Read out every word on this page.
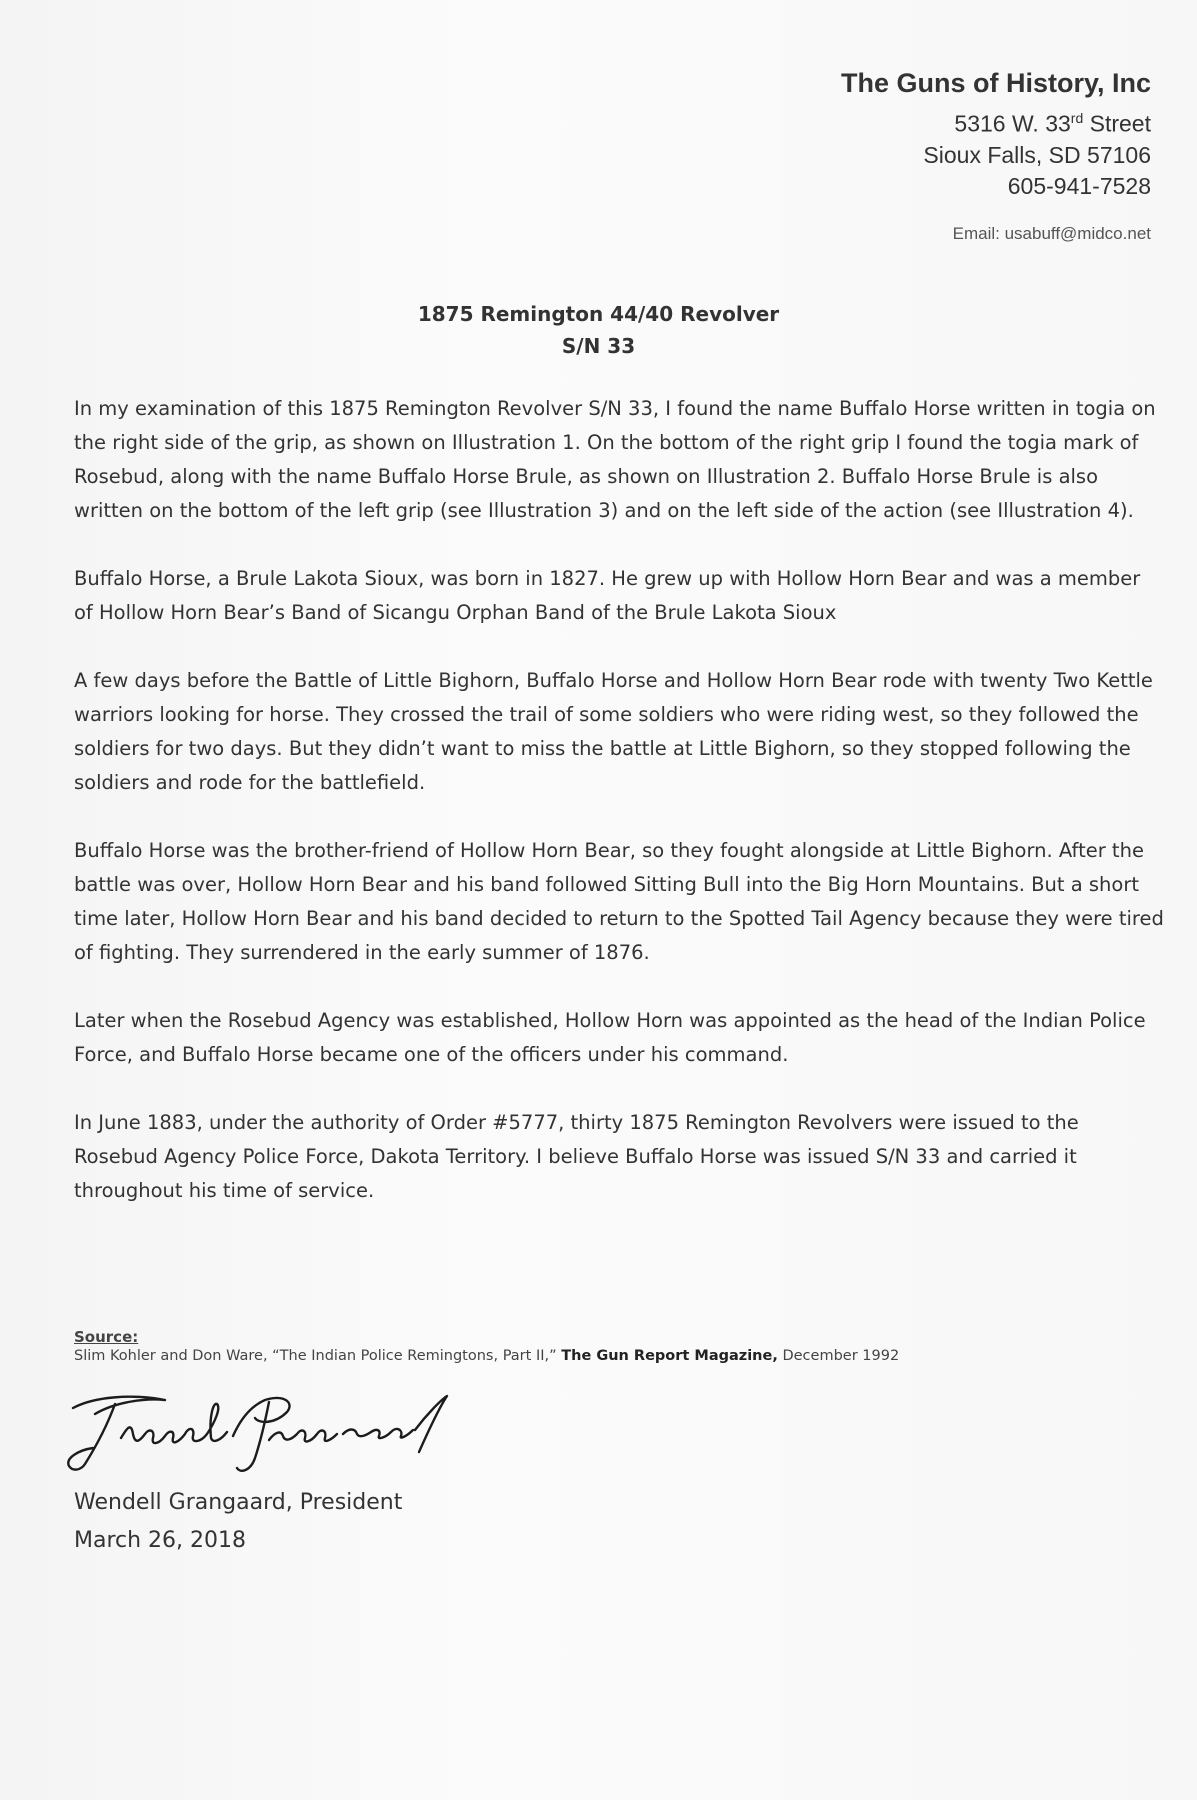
The Guns of History, Inc
5316 W. 33rd Street
Sioux Falls, SD 57106
605-941-7528
Email: usabuff@midco.net
1875 Remington 44/40 Revolver
S/N 33

In my examination of this 1875 Remington Revolver S/N 33, I found the name Buffalo Horse written in togia on the right side of the grip, as shown on Illustration 1. On the bottom of the right grip I found the togia mark of Rosebud, along with the name Buffalo Horse Brule, as shown on Illustration 2. Buffalo Horse Brule is also written on the bottom of the left grip (see Illustration 3) and on the left side of the action (see Illustration 4).

Buffalo Horse, a Brule Lakota Sioux, was born in 1827. He grew up with Hollow Horn Bear and was a member of Hollow Horn Bear’s Band of Sicangu Orphan Band of the Brule Lakota Sioux

A few days before the Battle of Little Bighorn, Buffalo Horse and Hollow Horn Bear rode with twenty Two Kettle warriors looking for horse. They crossed the trail of some soldiers who were riding west, so they followed the soldiers for two days. But they didn’t want to miss the battle at Little Bighorn, so they stopped following the soldiers and rode for the battlefield.

Buffalo Horse was the brother-friend of Hollow Horn Bear, so they fought alongside at Little Bighorn. After the battle was over, Hollow Horn Bear and his band followed Sitting Bull into the Big Horn Mountains. But a short time later, Hollow Horn Bear and his band decided to return to the Spotted Tail Agency because they were tired of fighting. They surrendered in the early summer of 1876.

Later when the Rosebud Agency was established, Hollow Horn was appointed as the head of the Indian Police Force, and Buffalo Horse became one of the officers under his command.

In June 1883, under the authority of Order #5777, thirty 1875 Remington Revolvers were issued to the Rosebud Agency Police Force, Dakota Territory. I believe Buffalo Horse was issued S/N 33 and carried it throughout his time of service.

Source:
Slim Kohler and Don Ware, “The Indian Police Remingtons, Part II,” The Gun Report Magazine, December 1992
Wendell Grangaard, President
March 26, 2018
